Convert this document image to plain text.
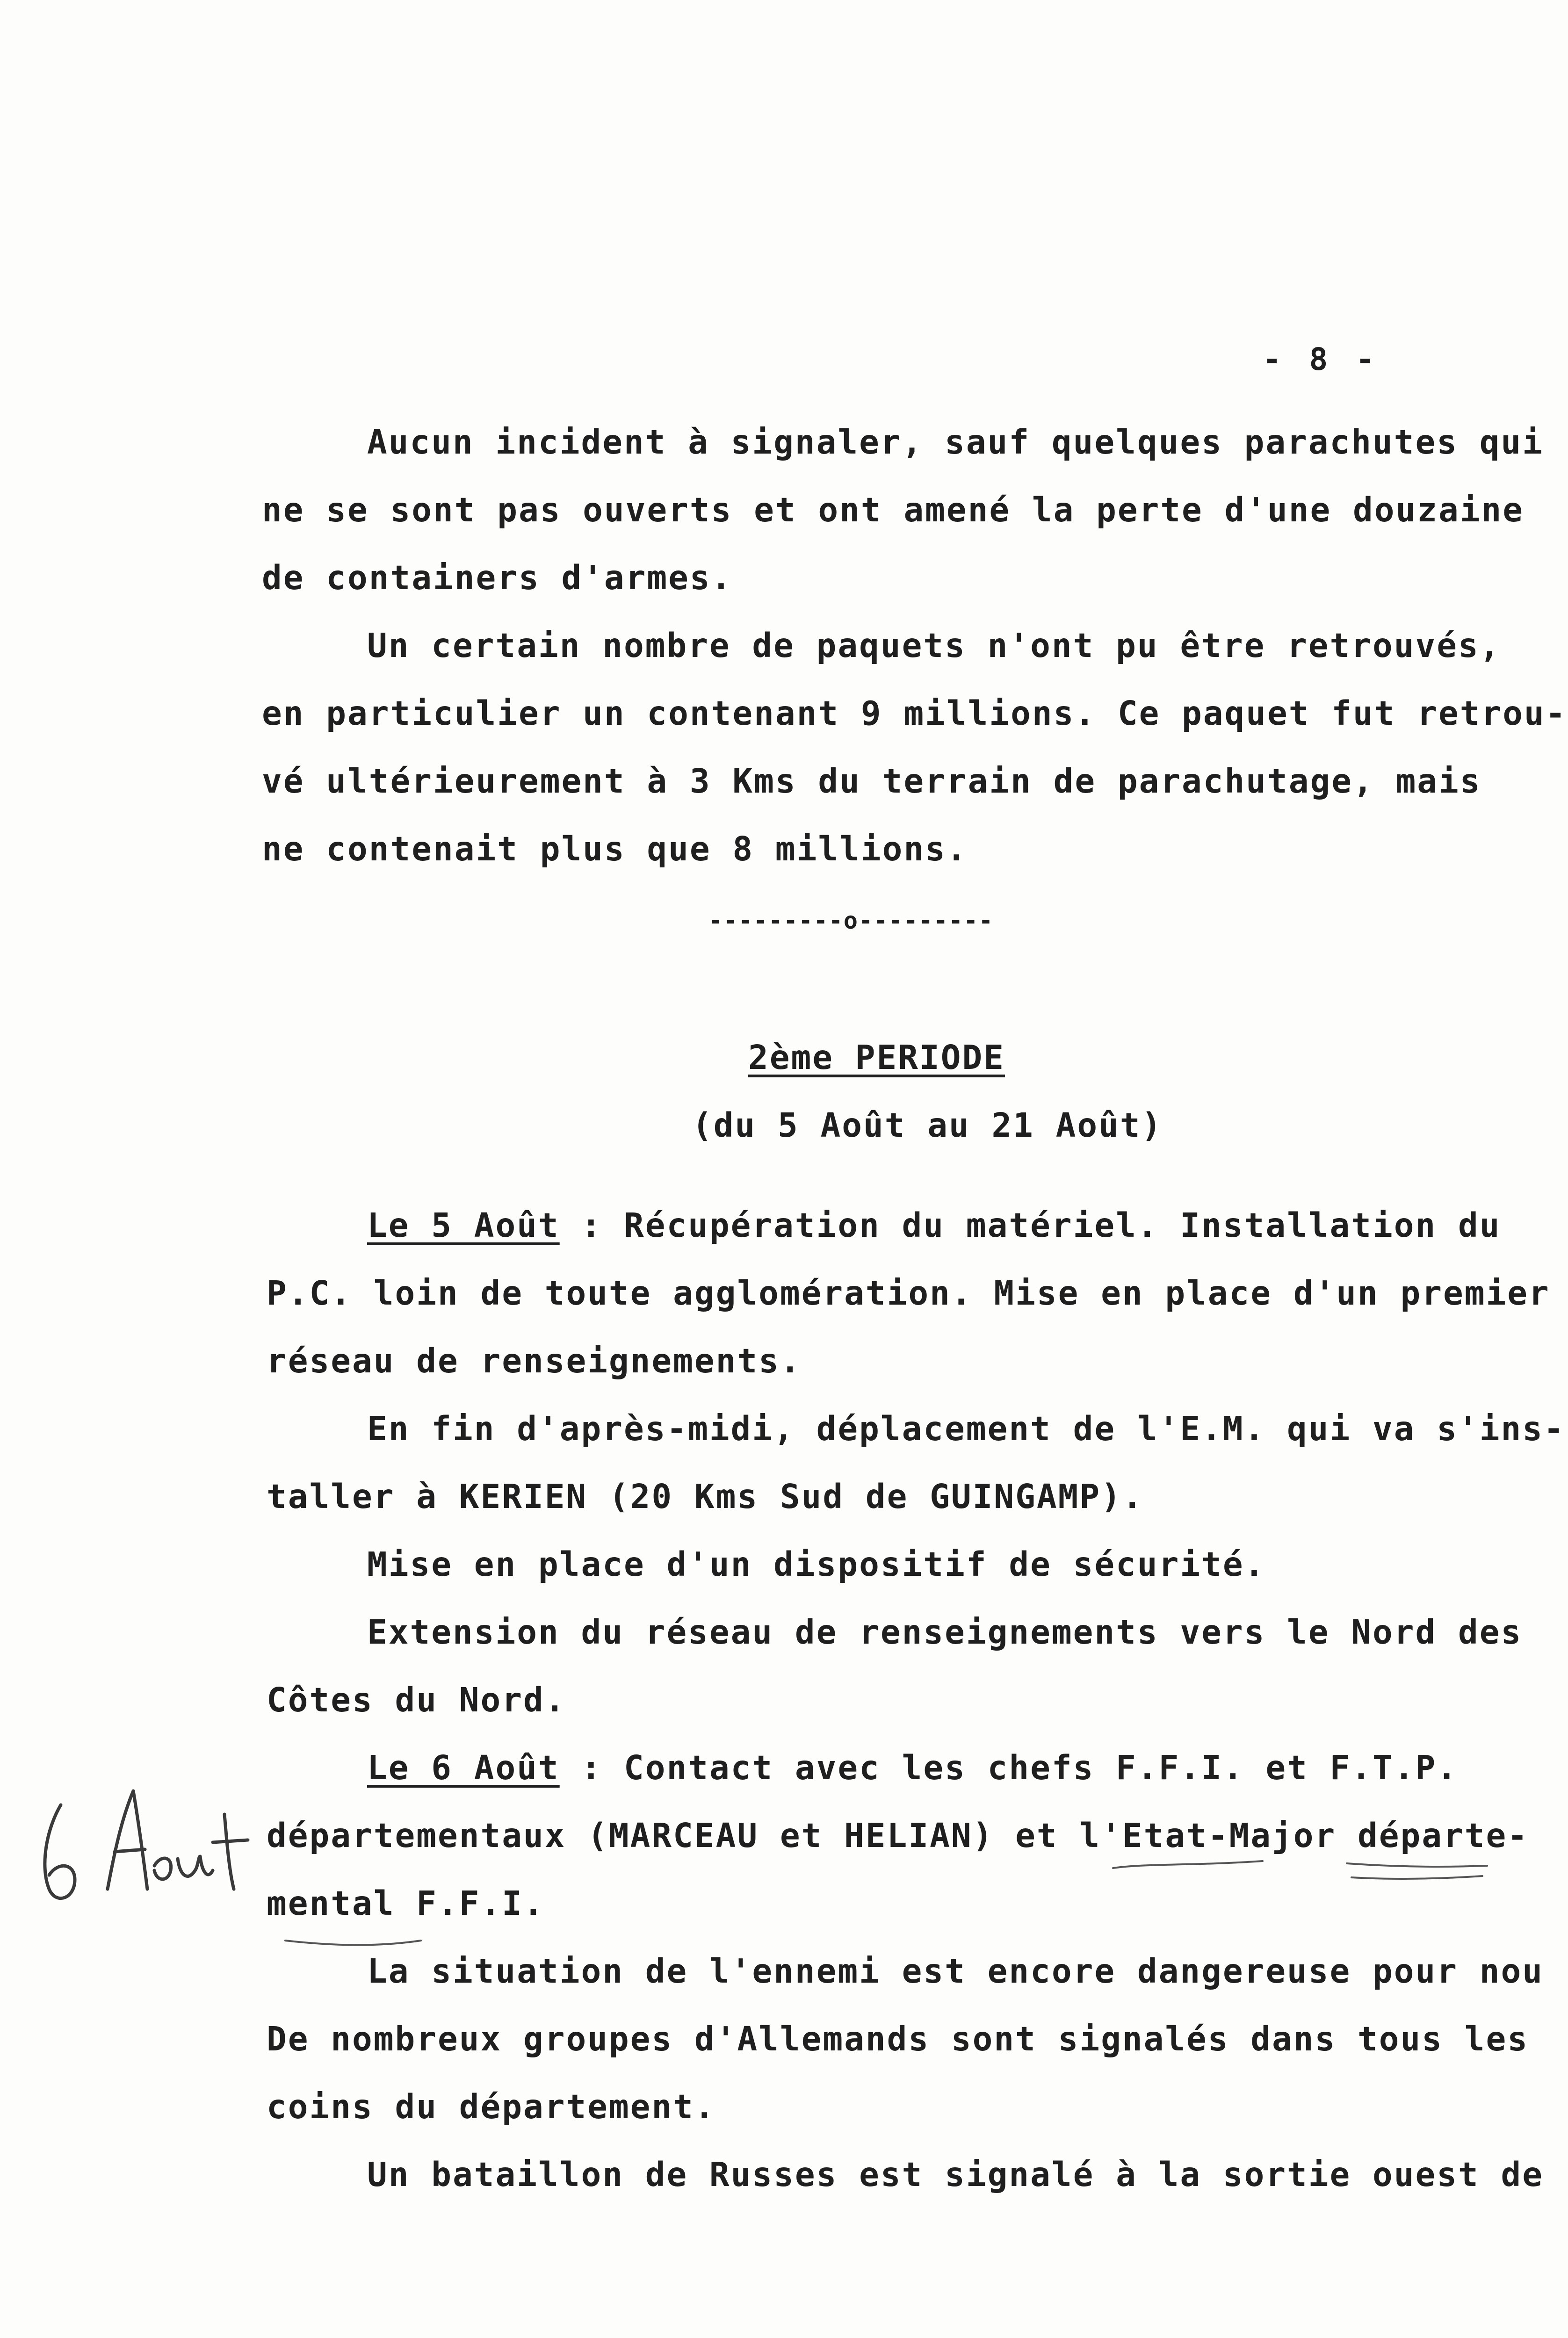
- 8 -
Aucun incident à signaler, sauf quelques parachutes qui
ne se sont pas ouverts et ont amené la perte d'une douzaine
de containers d'armes.
Un certain nombre de paquets n'ont pu être retrouvés,
en particulier un contenant 9 millions. Ce paquet fut retrou-
vé ultérieurement à 3 Kms du terrain de parachutage, mais
ne contenait plus que 8 millions.
---------o---------
2ème PERIODE
(du 5 Août au 21 Août)
Le 5 Août : Récupération du matériel. Installation du
P.C. loin de toute agglomération. Mise en place d'un premier
réseau de renseignements.
En fin d'après-midi, déplacement de l'E.M. qui va s'ins-
taller à KERIEN (20 Kms Sud de GUINGAMP).
Mise en place d'un dispositif de sécurité.
Extension du réseau de renseignements vers le Nord des
Côtes du Nord.
Le 6 Août : Contact avec les chefs F.F.I. et F.T.P.
départementaux (MARCEAU et HELIAN) et l'Etat-Major départe-
mental F.F.I.
La situation de l'ennemi est encore dangereuse pour nou
De nombreux groupes d'Allemands sont signalés dans tous les
coins du département.
Un bataillon de Russes est signalé à la sortie ouest de
